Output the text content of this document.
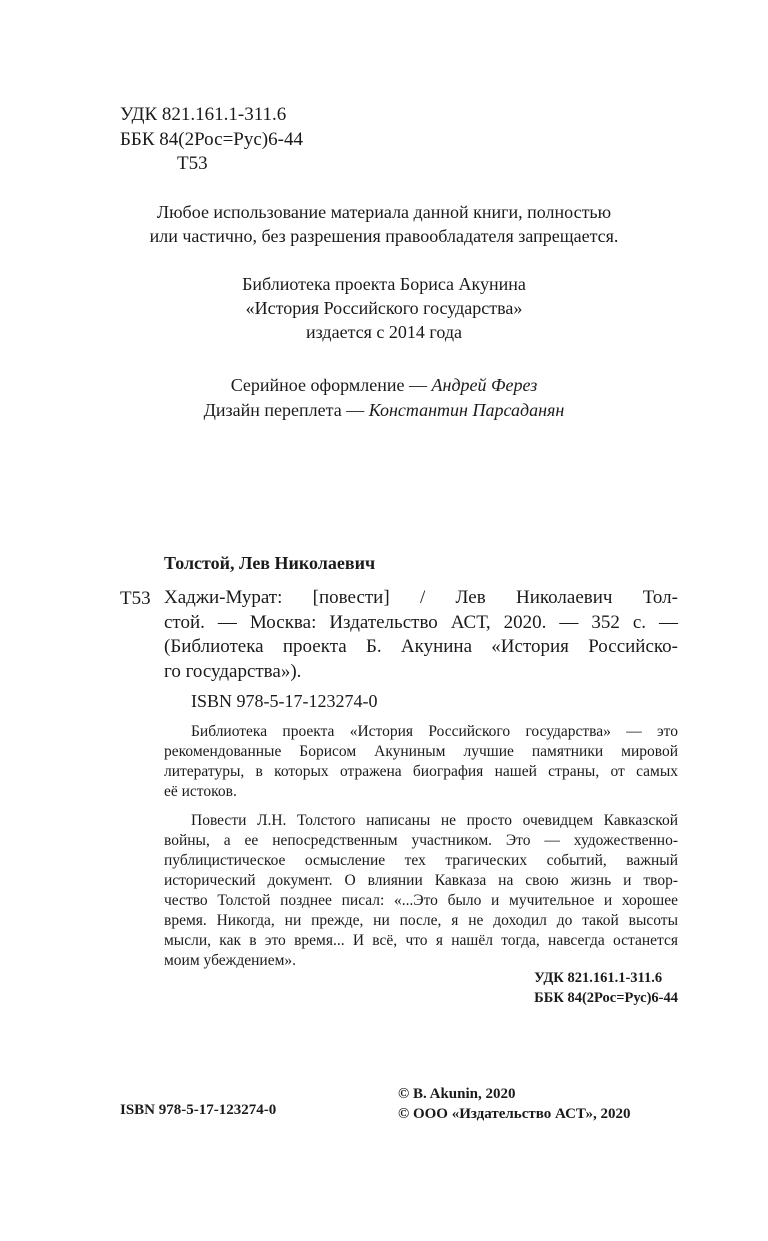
УДК 821.161.1-311.6
ББК 84(2Рос=Рус)6-44
Т53
Любое использование материала данной книги, полностью
или частично, без разрешения правообладателя запрещается.
Библиотека проекта Бориса Акунина
«История Российского государства»
издается с 2014 года
Серийное оформление — Андрей Ферез
Дизайн переплета — Константин Парсаданян
Толстой, Лев Николаевич
Т53 Хаджи-Мурат: [повести] / Лев Николаевич Тол-
стой. — Москва: Издательство АСТ, 2020. — 352 с. —
(Библиотека проекта Б. Акунина «История Российско-
го государства»).
ISBN 978-5-17-123274-0
Библиотека проекта «История Российского государства» — это
рекомендованные Борисом Акуниным лучшие памятники мировой
литературы, в которых отражена биография нашей страны, от самых
её истоков.
Повести Л.Н. Толстого написаны не просто очевидцем Кавказской
войны, а ее непосредственным участником. Это — художественно-
публицистическое осмысление тех трагических событий, важный
исторический документ. О влиянии Кавказа на свою жизнь и твор-
чество Толстой позднее писал: «...Это было и мучительное и хорошее
время. Никогда, ни прежде, ни после, я не доходил до такой высоты
мысли, как в это время... И всё, что я нашёл тогда, навсегда останется
моим убеждением».
УДК 821.161.1-311.6
ББК 84(2Рос=Рус)6-44
ISBN 978-5-17-123274-0
© B. Akunin, 2020
© ООО «Издательство АСТ», 2020
